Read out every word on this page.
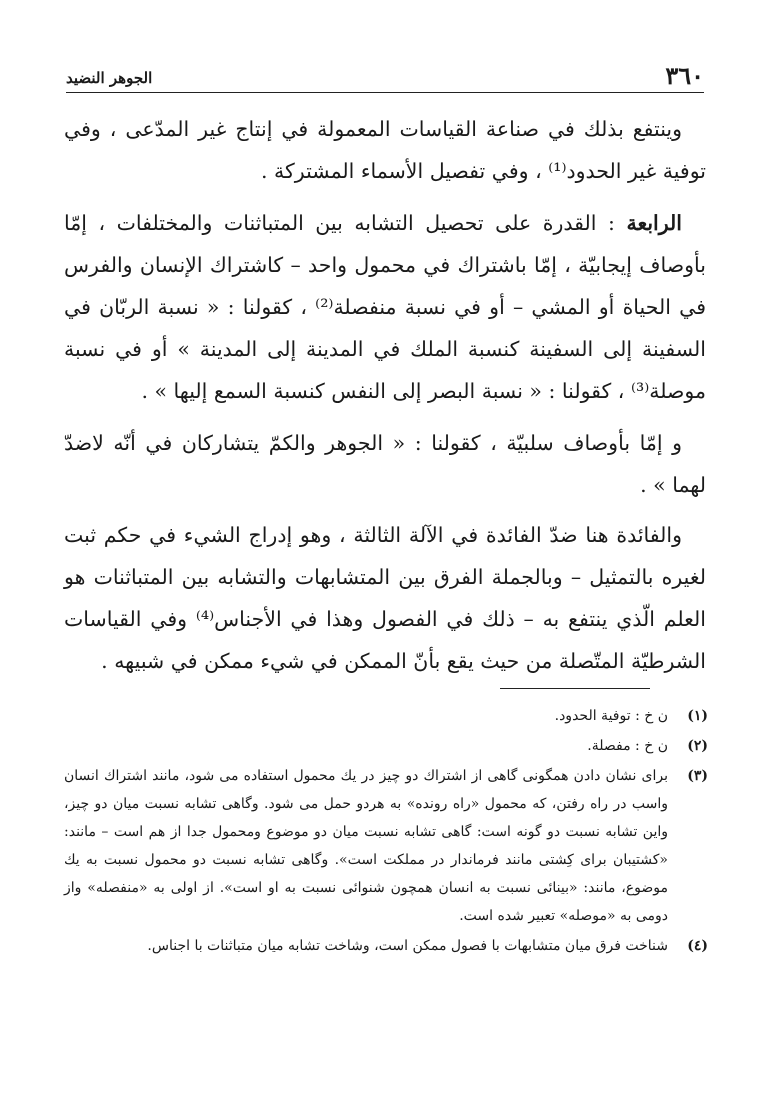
٣٦٠
الجوهر النضيد

وينتفع بذلك في صناعة القياسات المعمولة في إنتاج غير المدّعى ، وفي توفية غير الحدود⁽¹⁾ ، وفي تفصيل الأسماء المشتركة .

الرابعة : القدرة على تحصيل التشابه بين المتباثنات والمختلفات ، إمّا بأوصاف إيجابيّة ، إمّا باشتراك في محمول واحد – كاشتراك الإنسان والفرس في الحياة أو المشي – أو في نسبة منفصلة⁽²⁾ ، كقولنا : « نسبة الربّان في السفينة إلى السفينة كنسبة الملك في المدينة إلى المدينة » أو في نسبة موصلة⁽³⁾ ، كقولنا : « نسبة البصر إلى النفس كنسبة السمع إليها » .

و إمّا بأوصاف سلبيّة ، كقولنا : « الجوهر والكمّ يتشاركان في أنّه لاضدّ لهما » .

والفائدة هنا ضدّ الفائدة في الآلة الثالثة ، وهو إدراج الشيء في حكم ثبت لغيره بالتمثيل – وبالجملة الفرق بين المتشابهات والتشابه بين المتباثنات هو العلم الّذي ينتفع به – ذلك في الفصول وهذا في الأجناس⁽⁴⁾ وفي القياسات الشرطيّة المتّصلة من حيث يقع بأنّ الممكن في شيء ممكن في شبيهه .

(١)
ن خ : توفية الحدود.
(٢)
ن خ : مفصلة.
(٣)
براى نشان دادن همگونى گاهى از اشتراك دو چيز در يك محمول استفاده مى شود، مانند اشتراك انسان واسب در راه رفتن، كه محمول «راه رونده» به هردو حمل مى شود. وگاهى تشابه نسبت ميان دو چيز، واين تشابه نسبت دو گونه است: گاهى تشابه نسبت ميان دو موضوع ومحمول جدا از هم است – مانند: «كشتيبان براى كِشتى مانند فرماندار در مملكت است». وگاهى تشابه نسبت دو محمول نسبت به يك موضوع، مانند: «بينائى نسبت به انسان همچون شنوائى نسبت به او است». از اولى به «منفصله» واز دومى به «موصله» تعبير شده است.
(٤)
شناخت فرق ميان متشابهات با فصول ممكن است، وشاخت تشابه ميان متباثنات با اجناس.
